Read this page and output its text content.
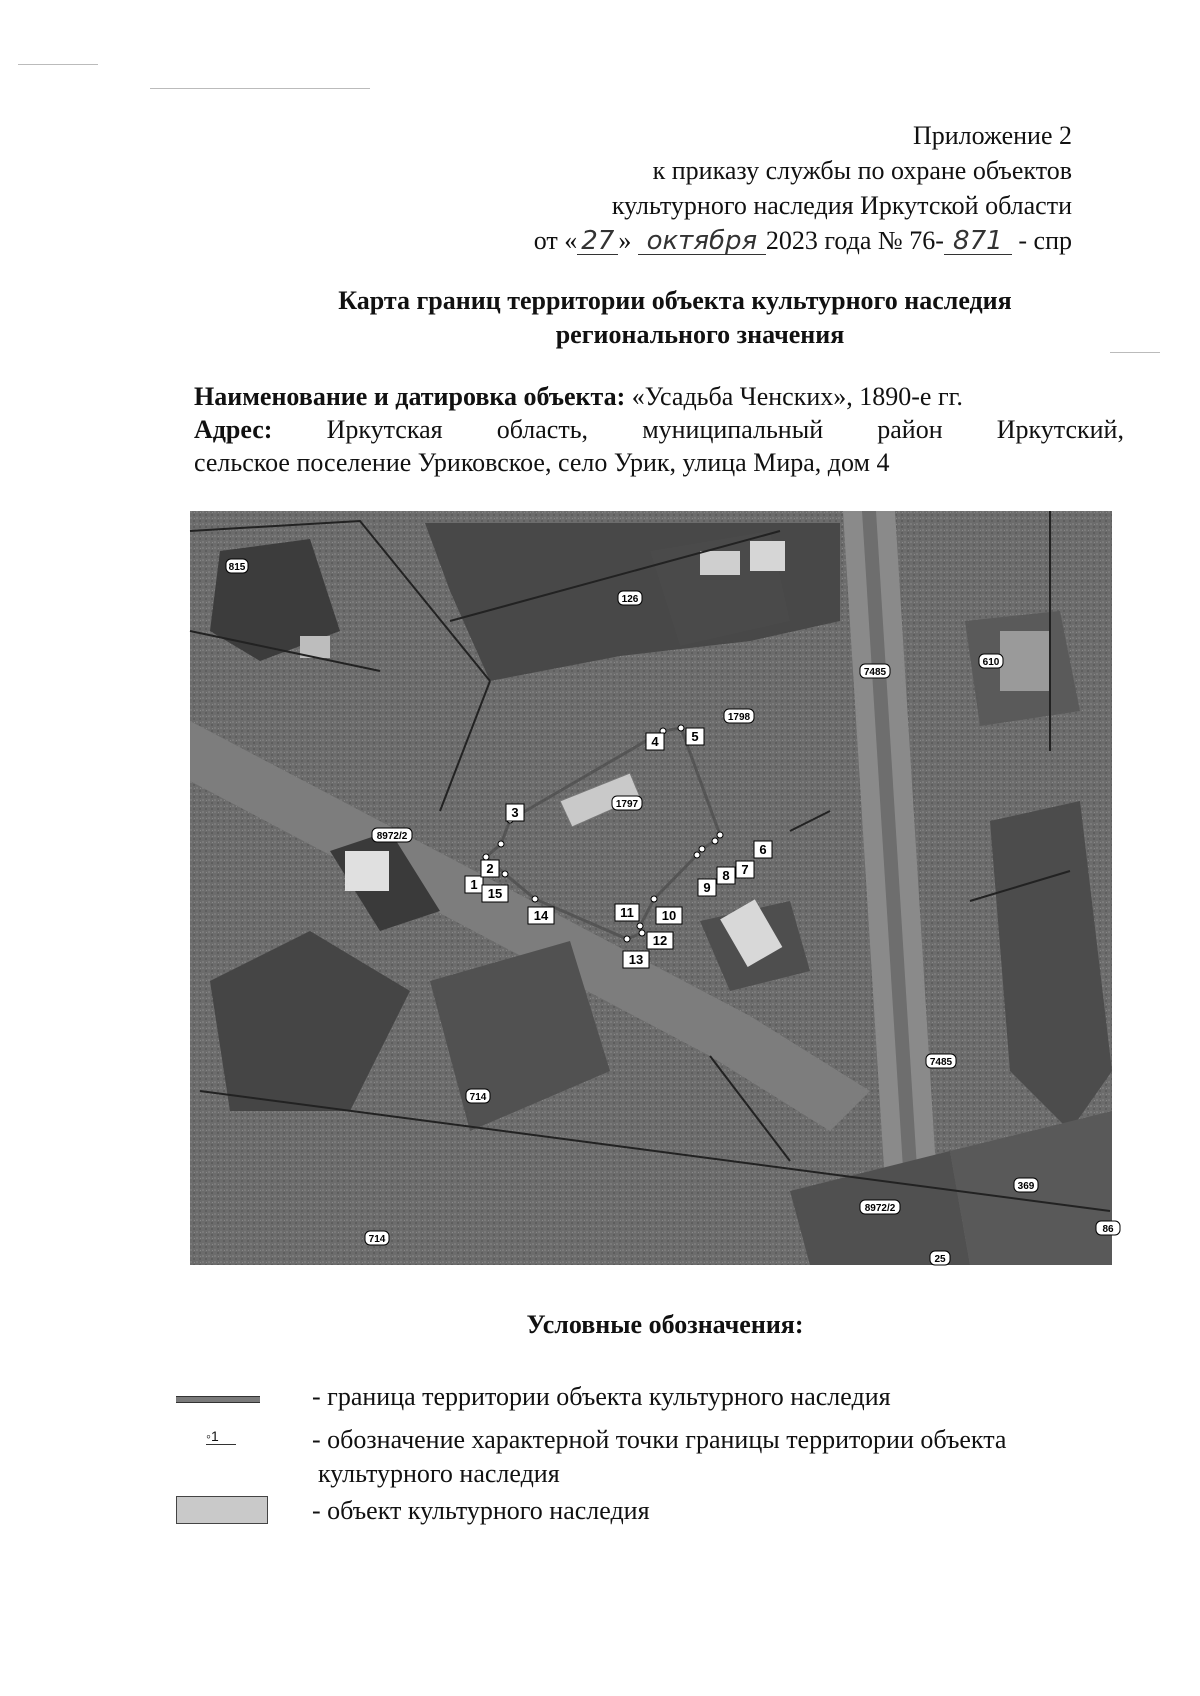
Приложение 2
к приказу службы по охране объектов
культурного наследия Иркутской области
от « 27 » октября 2023 года № 76- 871 - спр
Карта границ территории объекта культурного наследия
регионального значения
Наименование и датировка объекта: «Усадьба Ченских», 1890-е гг.
Адрес: Иркутская область, муниципальный район Иркутский,
сельское поселение Уриковское, село Урик, улица Мира, дом 4
815
126
7485
610
1798
1797
8972/2
714
7485
369
8972/2
714
86
25
1
2
3
4	5
6
7
8
9
10
11
12
13
14
15
Условные обозначения:
- граница территории объекта культурного наследия
◦1	- обозначение характерной точки границы территории объекта
культурного наследия
- объект культурного наследия
